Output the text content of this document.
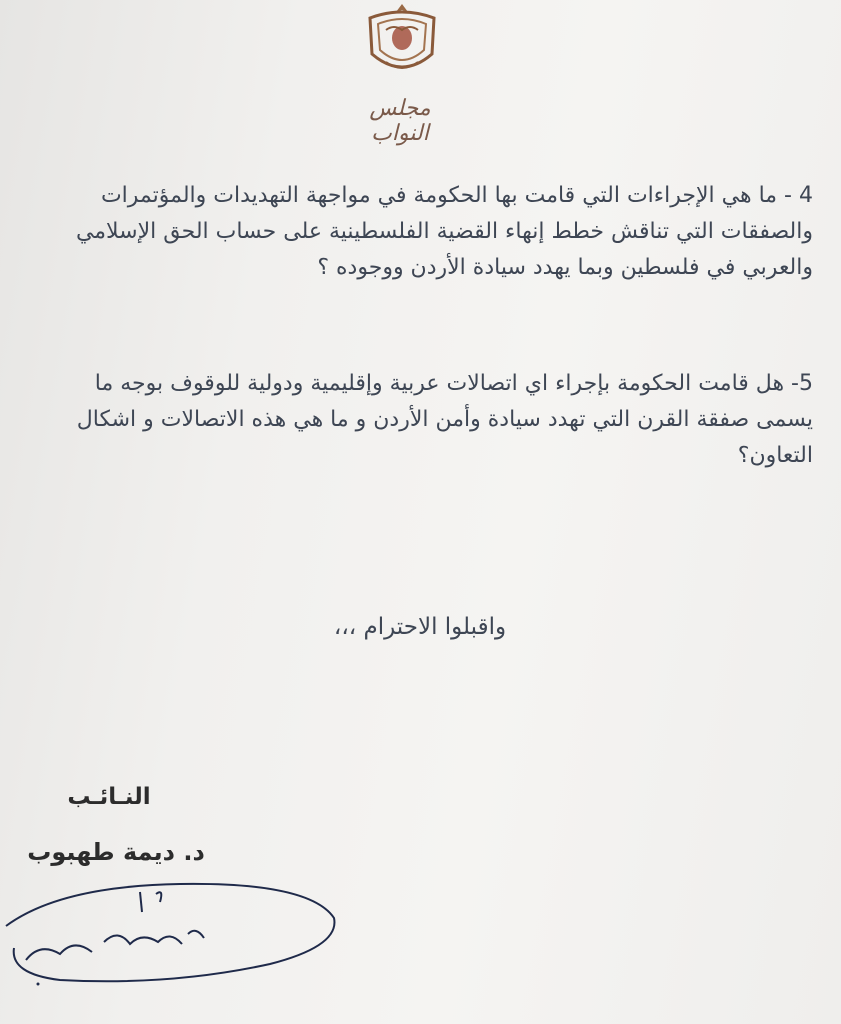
مجلس النواب
4 - ما هي الإجراءات التي قامت بها الحكومة في مواجهة التهديدات والمؤتمرات
والصفقات التي تناقش خطط إنهاء القضية الفلسطينية على حساب الحق الإسلامي
والعربي في فلسطين وبما يهدد سيادة الأردن ووجوده ؟
5- هل قامت الحكومة بإجراء اي اتصالات عربية وإقليمية ودولية للوقوف بوجه ما
يسمى صفقة القرن التي تهدد سيادة وأمن الأردن و ما هي هذه الاتصالات و اشكال
التعاون؟
واقبلوا الاحترام ،،،
النـائـب
د. ديمة طهبوب
